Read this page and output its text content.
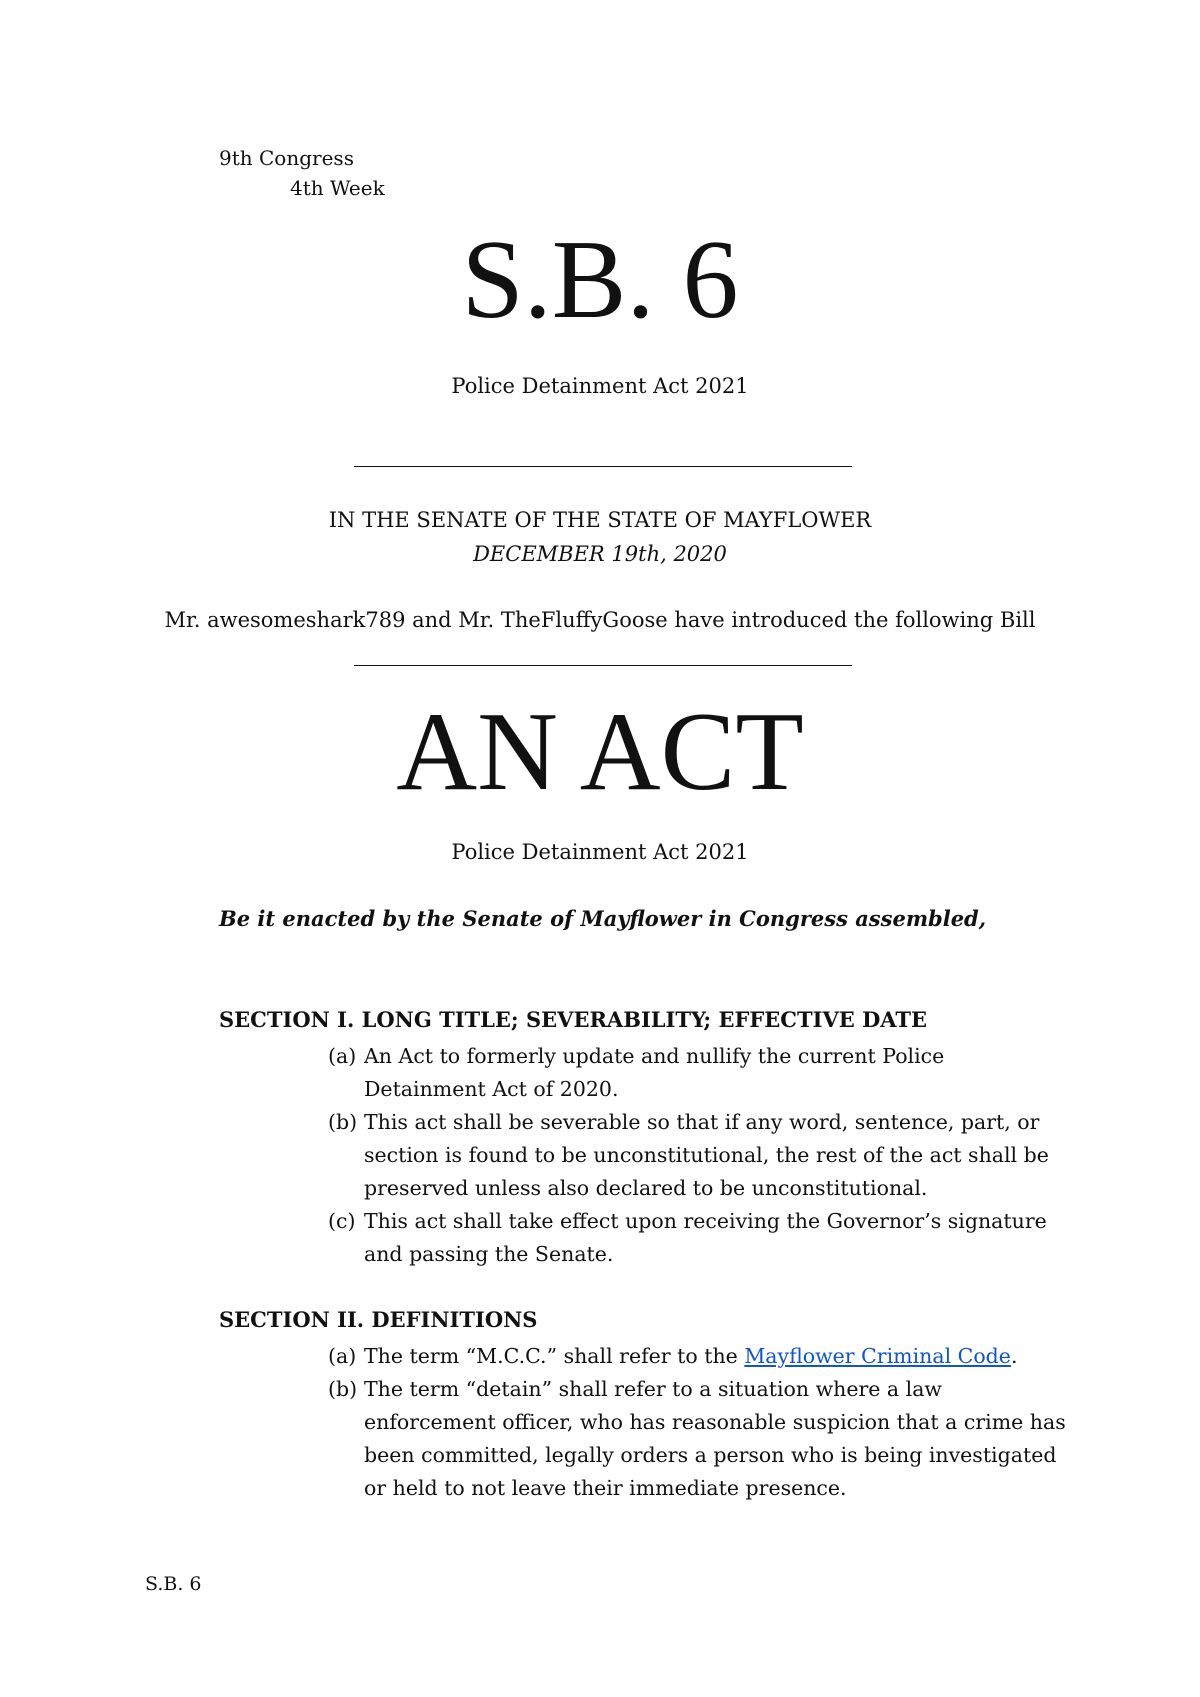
9th Congress
4th Week
S.B. 6
Police Detainment Act 2021
IN THE SENATE OF THE STATE OF MAYFLOWER
DECEMBER 19th, 2020
Mr. awesomeshark789 and Mr. TheFluffyGoose have introduced the following Bill
AN ACT
Police Detainment Act 2021
Be it enacted by the Senate of Mayflower in Congress assembled,
SECTION I. LONG TITLE; SEVERABILITY; EFFECTIVE DATE
(a) An Act to formerly update and nullify the current Police Detainment Act of 2020.
(b) This act shall be severable so that if any word, sentence, part, or section is found to be unconstitutional, the rest of the act shall be preserved unless also declared to be unconstitutional.
(c) This act shall take effect upon receiving the Governor’s signature and passing the Senate.
SECTION II. DEFINITIONS
(a) The term “M.C.C.” shall refer to the Mayflower Criminal Code.
(b) The term “detain” shall refer to a situation where a law enforcement officer, who has reasonable suspicion that a crime has been committed, legally orders a person who is being investigated or held to not leave their immediate presence.
S.B. 6
